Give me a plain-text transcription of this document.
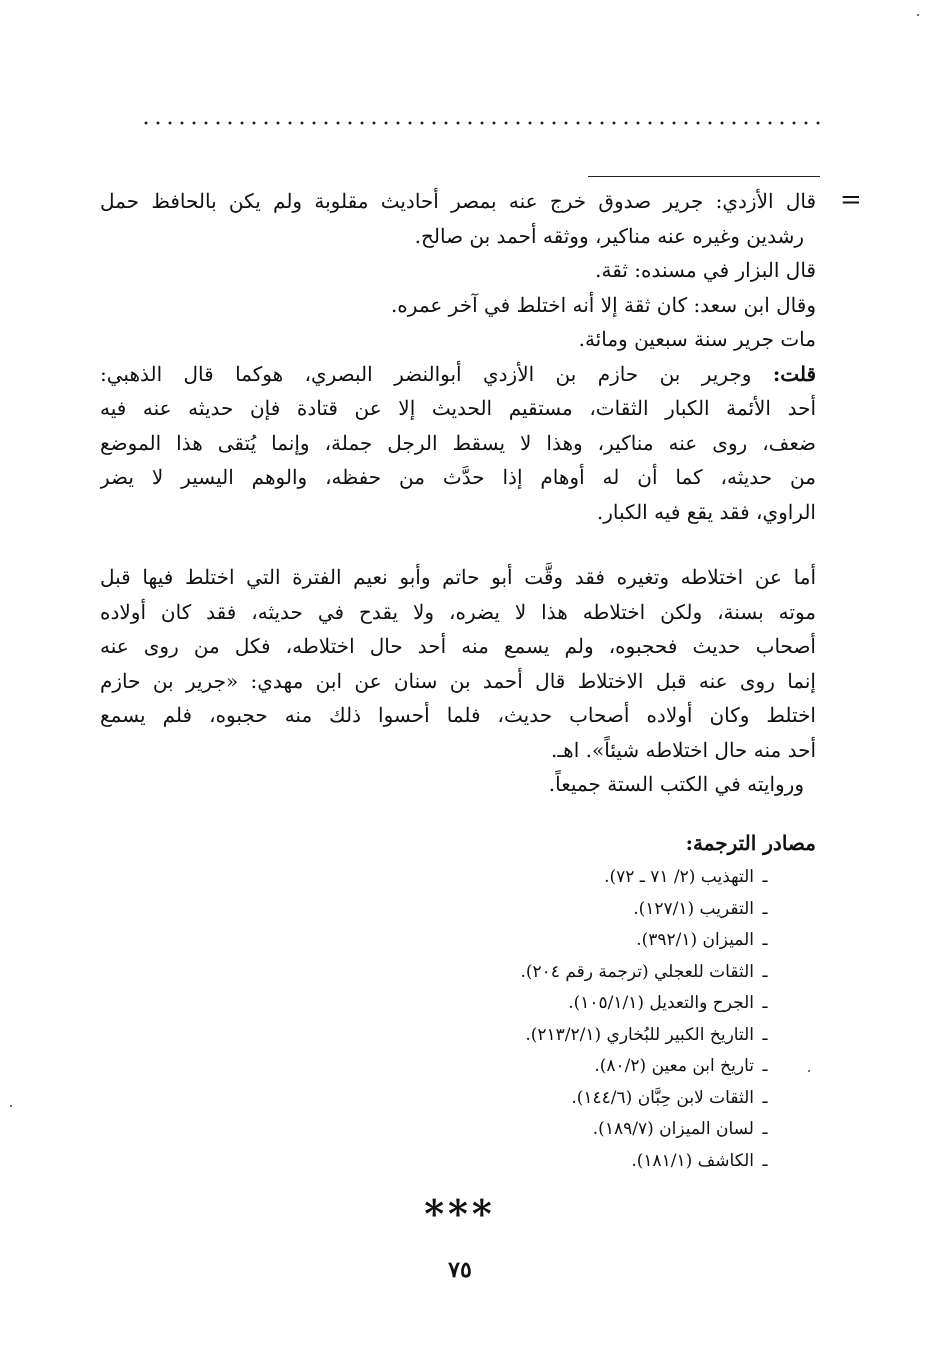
=
قال الأزدي: جرير صدوق خرج عنه بمصر أحاديث مقلوبة ولم يكن بالحافظ حمل
رشدين وغيره عنه مناكير، ووثقه أحمد بن صالح.
قال البزار في مسنده: ثقة.
وقال ابن سعد: كان ثقة إلا أنه اختلط في آخر عمره.
مات جرير سنة سبعين ومائة.
قلت: وجرير بن حازم بن الأزدي أبوالنضر البصري، هوكما قال الذهبي:
أحد الأئمة الكبار الثقات، مستقيم الحديث إلا عن قتادة فإن حديثه عنه فيه
ضعف، روى عنه مناكير، وهذا لا يسقط الرجل جملة، وإنما يُتقى هذا الموضع
من حديثه، كما أن له أوهام إذا حدَّث من حفظه، والوهم اليسير لا يضر
الراوي، فقد يقع فيه الكبار.
أما عن اختلاطه وتغيره فقد وقَّت أبو حاتم وأبو نعيم الفترة التي اختلط فيها قبل
موته بسنة، ولكن اختلاطه هذا لا يضره، ولا يقدح في حديثه، فقد كان أولاده
أصحاب حديث فحجبوه، ولم يسمع منه أحد حال اختلاطه، فكل من روى عنه
إنما روى عنه قبل الاختلاط قال أحمد بن سنان عن ابن مهدي: «جرير بن حازم
اختلط وكان أولاده أصحاب حديث، فلما أحسوا ذلك منه حجبوه، فلم يسمع
أحد منه حال اختلاطه شيئاً». اهـ.
وروايته في الكتب الستة جميعاً.
مصادر الترجمة:
ـالتهذيب (٢/ ٧١ ـ ٧٢).
ـالتقريب (١٢٧/١).
ـالميزان (٣٩٢/١).
ـالثقات للعجلي (ترجمة رقم ٢٠٤).
ـالجرح والتعديل (١٠٥/١/١).
ـالتاريخ الكبير للبُخاري (٢١٣/٢/١).
ـتاريخ ابن معين (٨٠/٢).
ـالثقات لابن حِبَّان (١٤٤/٦).
ـلسان الميزان (١٨٩/٧).
ـالكاشف (١٨١/١).
***
٧٥
